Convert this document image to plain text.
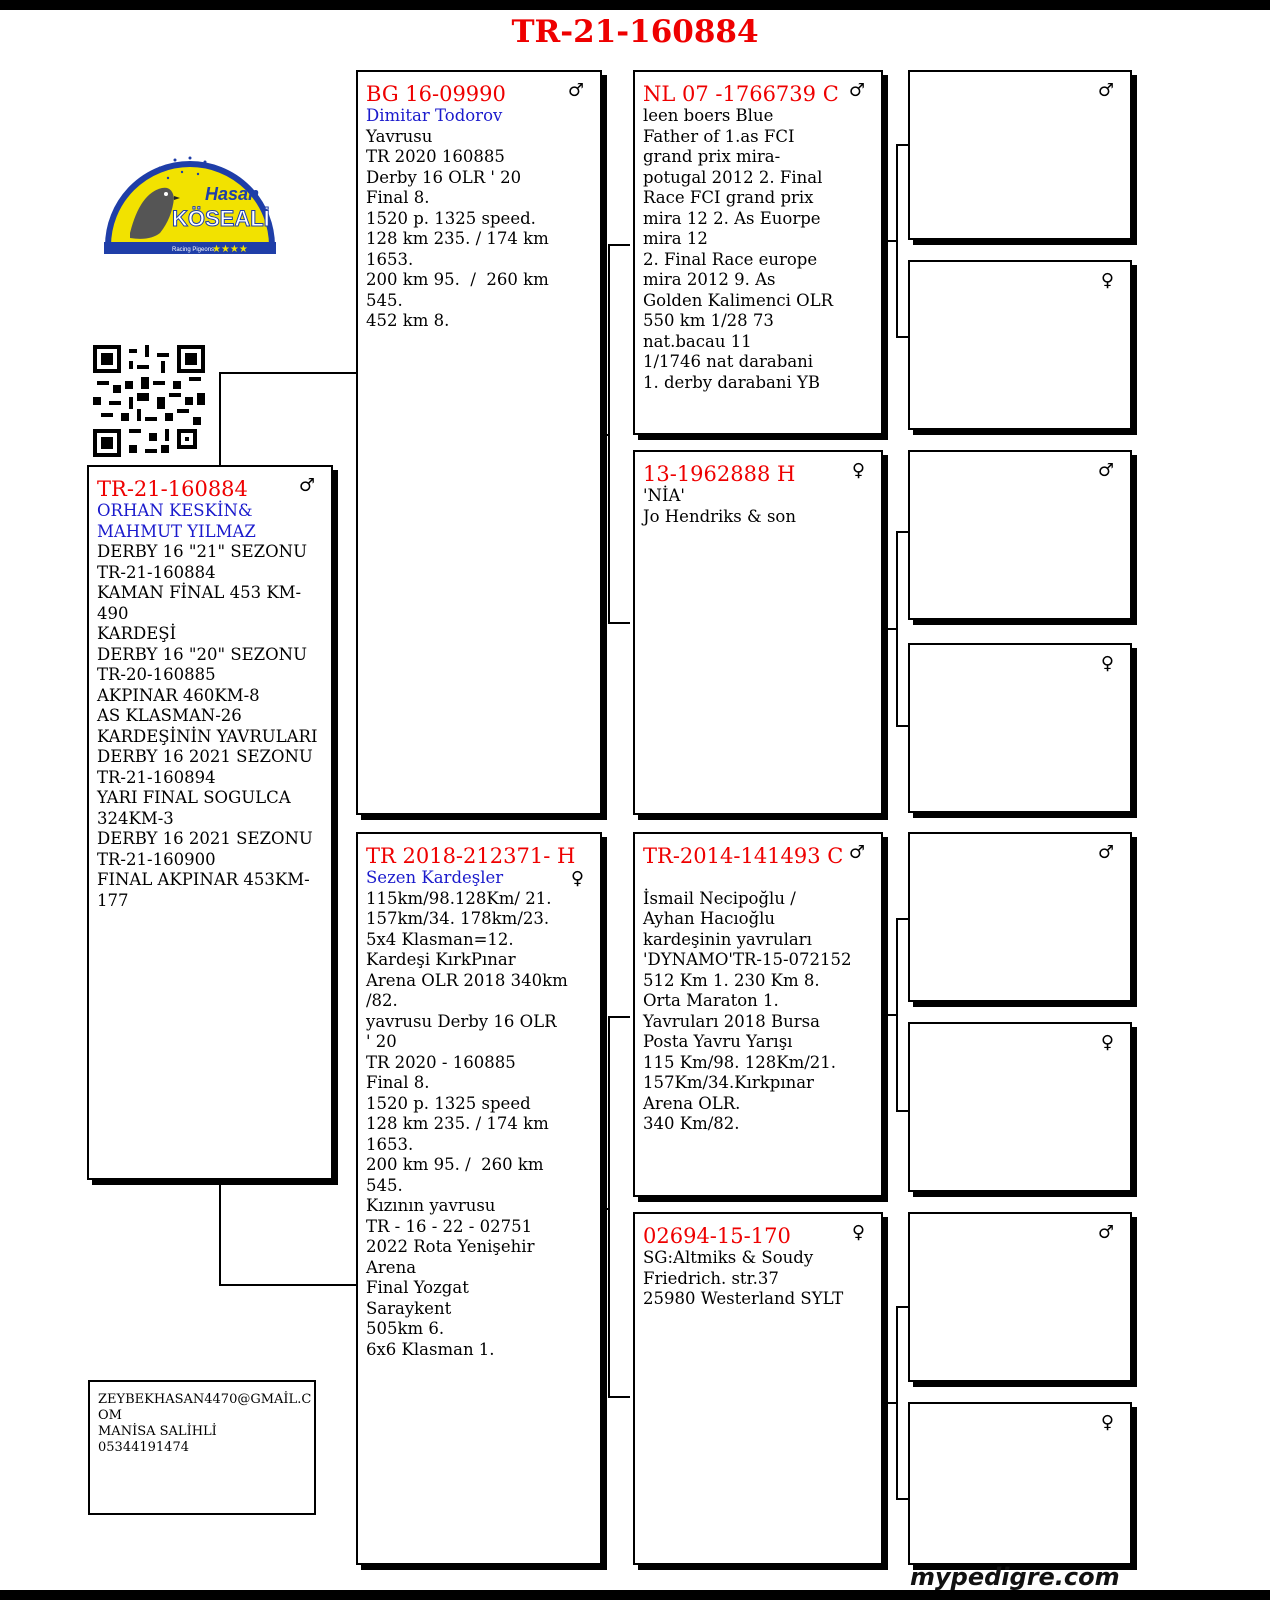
TR-21-160884
Hasan
KÖSEALİ
Racing Pigeons
★★★★
♂
TR-21-160884
ORHAN KESKİN& MAHMUT YILMAZ
DERBY 16 "21" SEZONU
TR-21-160884
KAMAN FİNAL 453 KM-
490
KARDEŞİ
DERBY 16 "20" SEZONU
TR-20-160885
AKPINAR 460KM-8
AS KLASMAN-26
KARDEŞİNİN YAVRULARI
DERBY 16 2021 SEZONU
TR-21-160894
YARI FINAL SOGULCA
324KM-3
DERBY 16 2021 SEZONU
TR-21-160900
FINAL AKPINAR 453KM-
177
♂
BG 16-09990
Dimitar Todorov
Yavrusu
TR 2020 160885
Derby 16 OLR ' 20
Final 8.
1520 p. 1325 speed.
128 km 235. / 174 km
1653.
200 km 95.  /  260 km
545.
452 km 8.
♀
TR 2018-212371- H
Sezen Kardeşler
115km/98.128Km/ 21.
157km/34. 178km/23.
5x4 Klasman=12.
Kardeşi KırkPınar
Arena OLR 2018 340km
/82.
yavrusu Derby 16 OLR
' 20
TR 2020 - 160885
Final 8.
1520 p. 1325 speed
128 km 235. / 174 km
1653.
200 km 95. /  260 km
545.
Kızının yavrusu
TR - 16 - 22 - 02751
2022 Rota Yenişehir
Arena
Final Yozgat
Saraykent
505km 6.
6x6 Klasman 1.
♂
NL 07 -1766739 C
leen boers Blue
Father of 1.as FCI
grand prix mira-
potugal 2012 2. Final
Race FCI grand prix
mira 12 2. As Euorpe
mira 12
2. Final Race europe
mira 2012 9. As
Golden Kalimenci OLR
550 km 1/28 73
nat.bacau 11
1/1746 nat darabani
1. derby darabani YB
♀
13-1962888 H
'NİA'
Jo Hendriks & son
♂
TR-2014-141493 C

İsmail Necipoğlu /
Ayhan Hacıoğlu
kardeşinin yavruları
'DYNAMO'TR-15-072152
512 Km 1. 230 Km 8.
Orta Maraton 1.
Yavruları 2018 Bursa
Posta Yavru Yarışı
115 Km/98. 128Km/21.
157Km/34.Kırkpınar
Arena OLR.
340 Km/82.
♀
02694-15-170
SG:Altmiks & Soudy
Friedrich. str.37
25980 Westerland SYLT
♂
♀
♂
♀
♂
♀
♂
♀
ZEYBEKHASAN4470@GMAİL.C
OM
MANİSA SALİHLİ
05344191474
mypedigre.com
